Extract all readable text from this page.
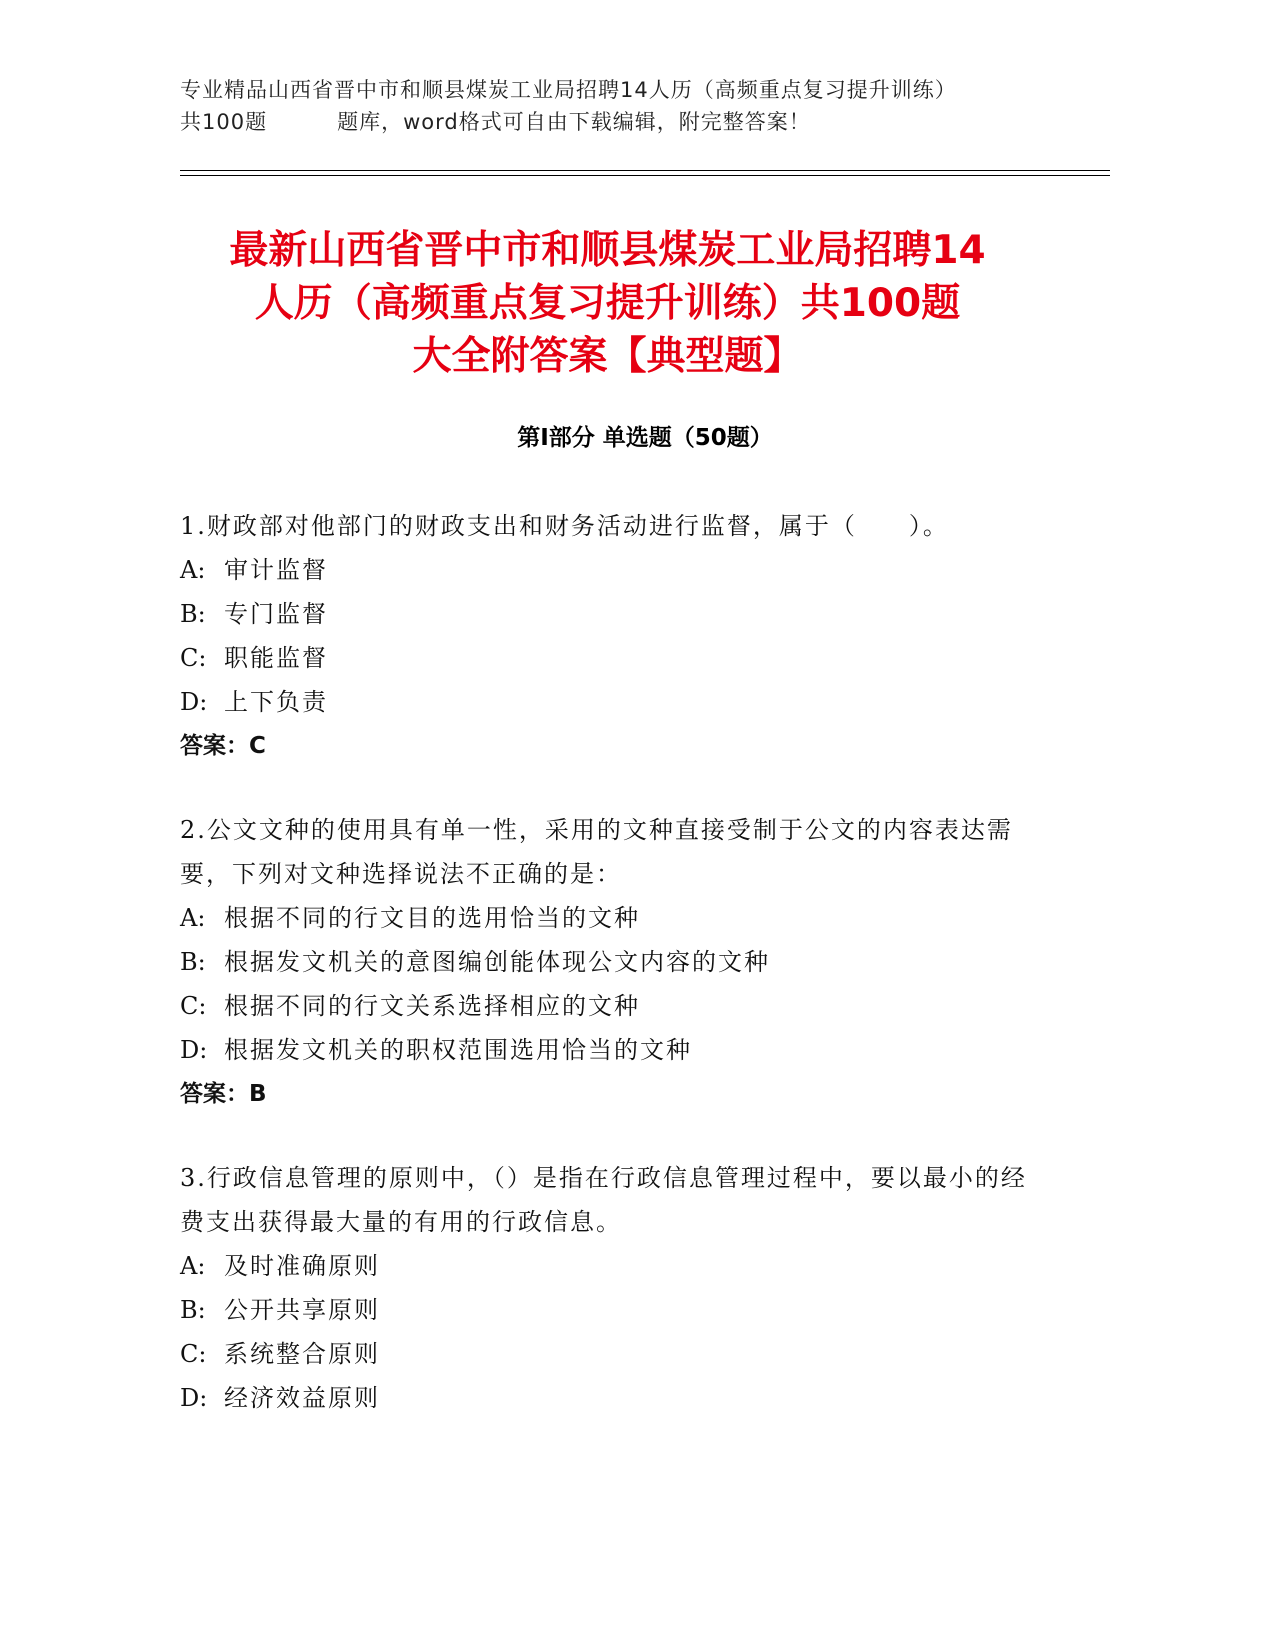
专业精品山西省晋中市和顺县煤炭工业局招聘14人历（高频重点复习提升训练）
共100题	题库，word格式可自由下载编辑，附完整答案！
最新山西省晋中市和顺县煤炭工业局招聘14
人历（高频重点复习提升训练）共100题
大全附答案【典型题】
第Ⅰ部分 单选题（50题）
1.财政部对他部门的财政支出和财务活动进行监督，属于（　　）。
A: 审计监督
B: 专门监督
C: 职能监督
D: 上下负责
答案：C
2.公文文种的使用具有单一性，采用的文种直接受制于公文的内容表达需要，下列对文种选择说法不正确的是：
A: 根据不同的行文目的选用恰当的文种
B: 根据发文机关的意图编创能体现公文内容的文种
C: 根据不同的行文关系选择相应的文种
D: 根据发文机关的职权范围选用恰当的文种
答案：B
3.行政信息管理的原则中，（）是指在行政信息管理过程中，要以最小的经费支出获得最大量的有用的行政信息。
A: 及时准确原则
B: 公开共享原则
C: 系统整合原则
D: 经济效益原则
